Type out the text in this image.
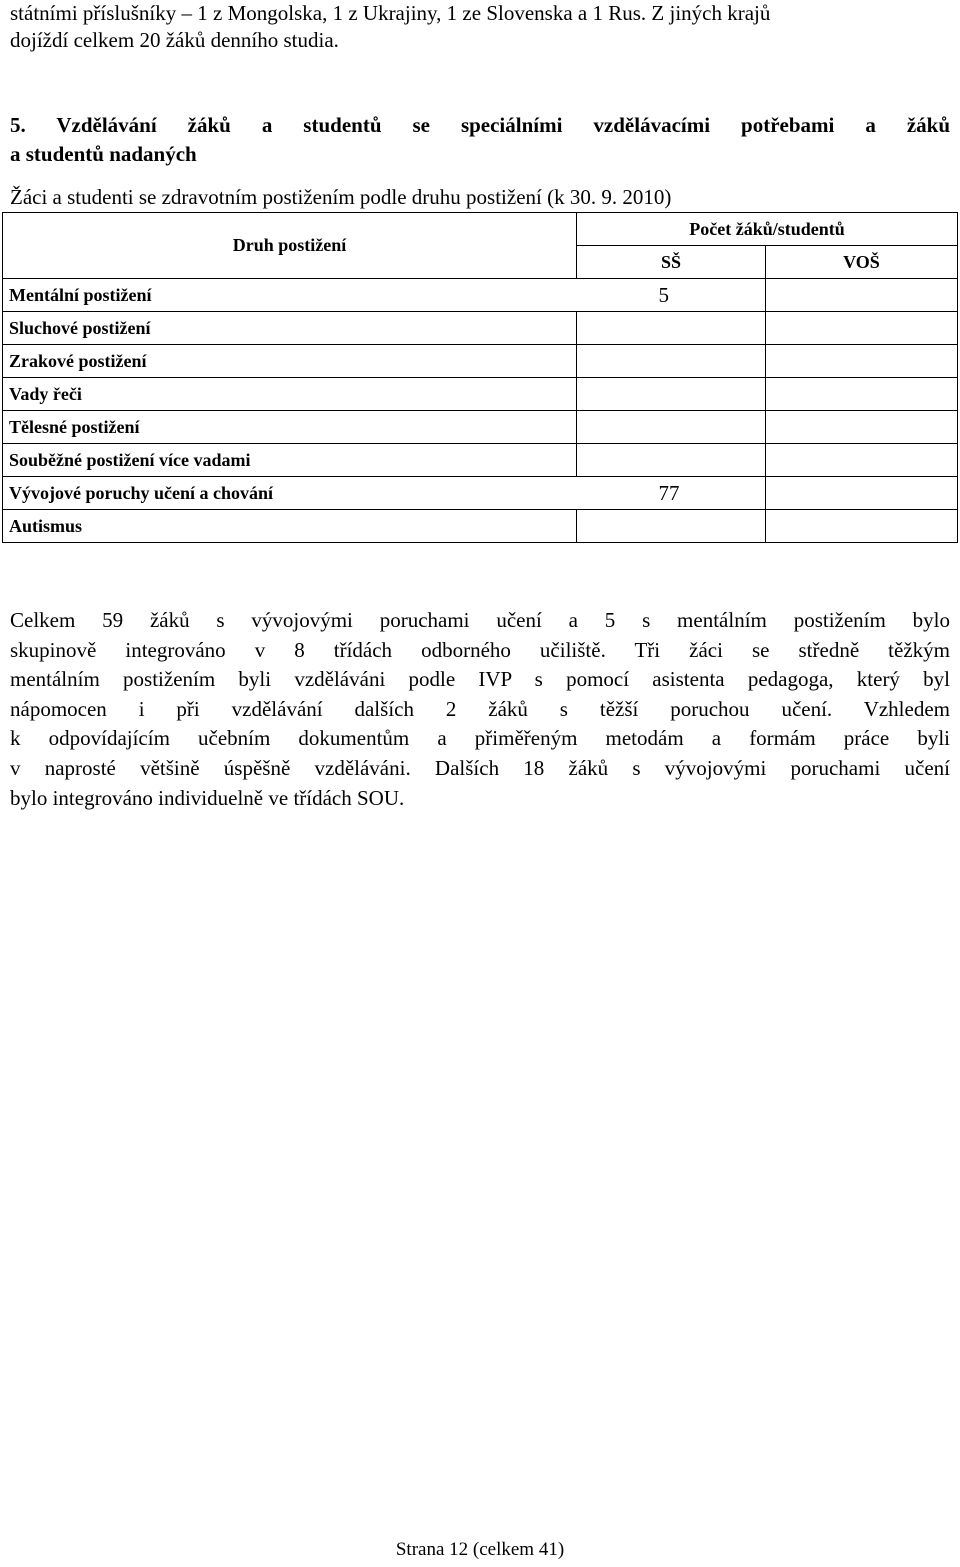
státními příslušníky – 1 z Mongolska, 1 z Ukrajiny, 1 ze Slovenska a 1 Rus. Z jiných krajů
dojíždí celkem 20 žáků denního studia.
5. Vzdělávání žáků a studentů se speciálními vzdělávacími potřebami a žáků
a studentů nadaných
Žáci a studenti se zdravotním postižením podle druhu postižení (k 30. 9. 2010)
Druh postižení	Počet žáků/studentů	
	SŠ	VOŠ
Mentální postižení	5	
Sluchové postižení		
Zrakové postižení		
Vady řeči		
Tělesné postižení		
Souběžné postižení více vadami		
Vývojové poruchy učení a chování	77	
Autismus		
Celkem 59 žáků s vývojovými poruchami učení a 5 s mentálním postižením bylo
skupinově integrováno v 8 třídách odborného učiliště. Tři žáci se středně těžkým
mentálním postižením byli vzděláváni podle IVP s pomocí asistenta pedagoga, který byl
nápomocen i při vzdělávání dalších 2 žáků s těžší poruchou učení. Vzhledem
k odpovídajícím učebním dokumentům a přiměřeným metodám a formám práce byli
v naprosté většině úspěšně vzděláváni. Dalších 18 žáků s vývojovými poruchami učení
bylo integrováno individuelně ve třídách SOU.
Strana 12 (celkem 41)
